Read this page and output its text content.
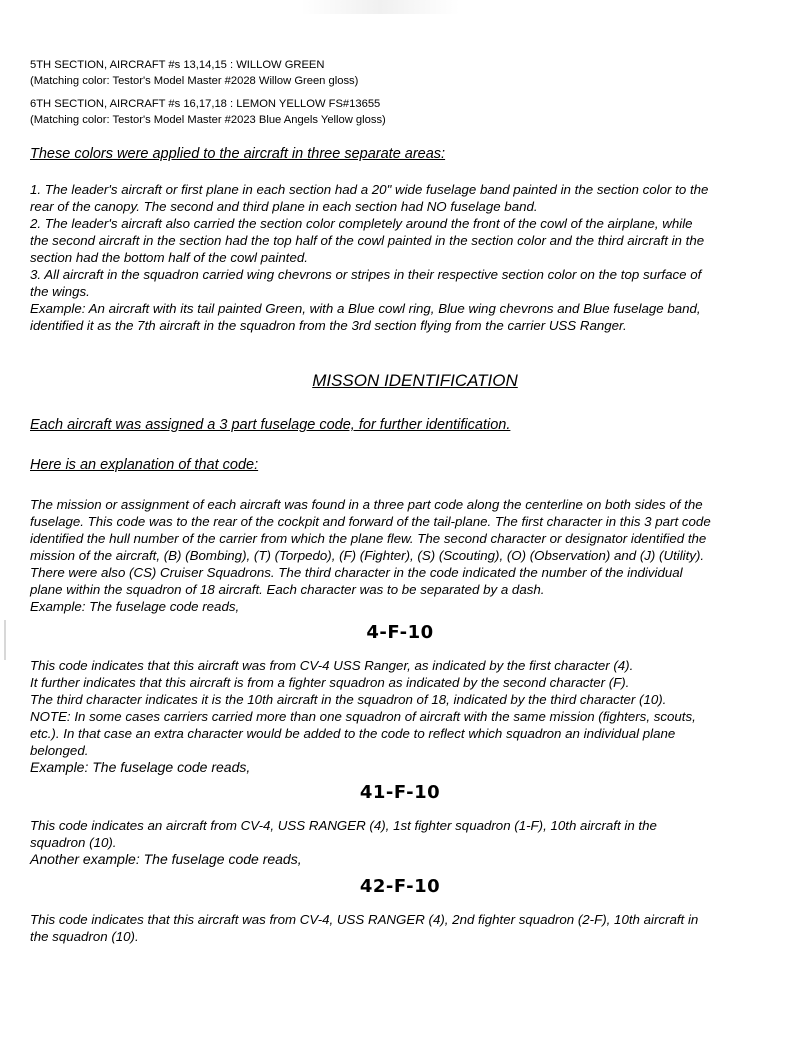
5TH SECTION, AIRCRAFT #s 13,14,15 : WILLOW GREEN

(Matching color: Testor's Model Master #2028 Willow Green gloss)

6TH SECTION, AIRCRAFT #s 16,17,18 : LEMON YELLOW FS#13655

(Matching color: Testor's Model Master #2023 Blue Angels Yellow gloss)

These colors were applied to the aircraft in three separate areas:

1. The leader's aircraft or first plane in each section had a 20" wide fuselage band painted in the section color to the

rear of the canopy. The second and third plane in each section had NO fuselage band.

2. The leader's aircraft also carried the section color completely around the front of the cowl of the airplane, while

the second aircraft in the section had the top half of the cowl painted in the section color and the third aircraft in the

section had the bottom half of the cowl painted.

3. All aircraft in the squadron carried wing chevrons or stripes in their respective section color on the top surface of

the wings.

Example: An aircraft with its tail painted Green, with a Blue cowl ring, Blue wing chevrons and Blue fuselage band,

identified it as the 7th aircraft in the squadron from the 3rd section flying from the carrier USS Ranger.

MISSON IDENTIFICATION
Each aircraft was assigned a 3 part fuselage code, for further identification.
Here is an explanation of that code:

The mission or assignment of each aircraft was found in a three part code along the centerline on both sides of the

fuselage. This code was to the rear of the cockpit and forward of the tail-plane. The first character in this 3 part code

identified the hull number of the carrier from which the plane flew. The second character or designator identified the

mission of the aircraft, (B) (Bombing), (T) (Torpedo), (F) (Fighter), (S) (Scouting), (O) (Observation) and (J) (Utility).

There were also (CS) Cruiser Squadrons. The third character in the code indicated the number of the individual

plane within the squadron of 18 aircraft. Each character was to be separated by a dash.

Example: The fuselage code reads,

4-F-10

This code indicates that this aircraft was from CV-4 USS Ranger, as indicated by the first character (4).

It further indicates that this aircraft is from a fighter squadron as indicated by the second character (F).

The third character indicates it is the 10th aircraft in the squadron of 18, indicated by the third character (10).

NOTE: In some cases carriers carried more than one squadron of aircraft with the same mission (fighters, scouts,

etc.). In that case an extra character would be added to the code to reflect which squadron an individual plane

belonged.

Example: The fuselage code reads,

41-F-10

This code indicates an aircraft from CV-4, USS RANGER (4), 1st fighter squadron (1-F), 10th aircraft in the

squadron (10).

Another example: The fuselage code reads,

42-F-10

This code indicates that this aircraft was from CV-4, USS RANGER (4), 2nd fighter squadron (2-F), 10th aircraft in

the squadron (10).
